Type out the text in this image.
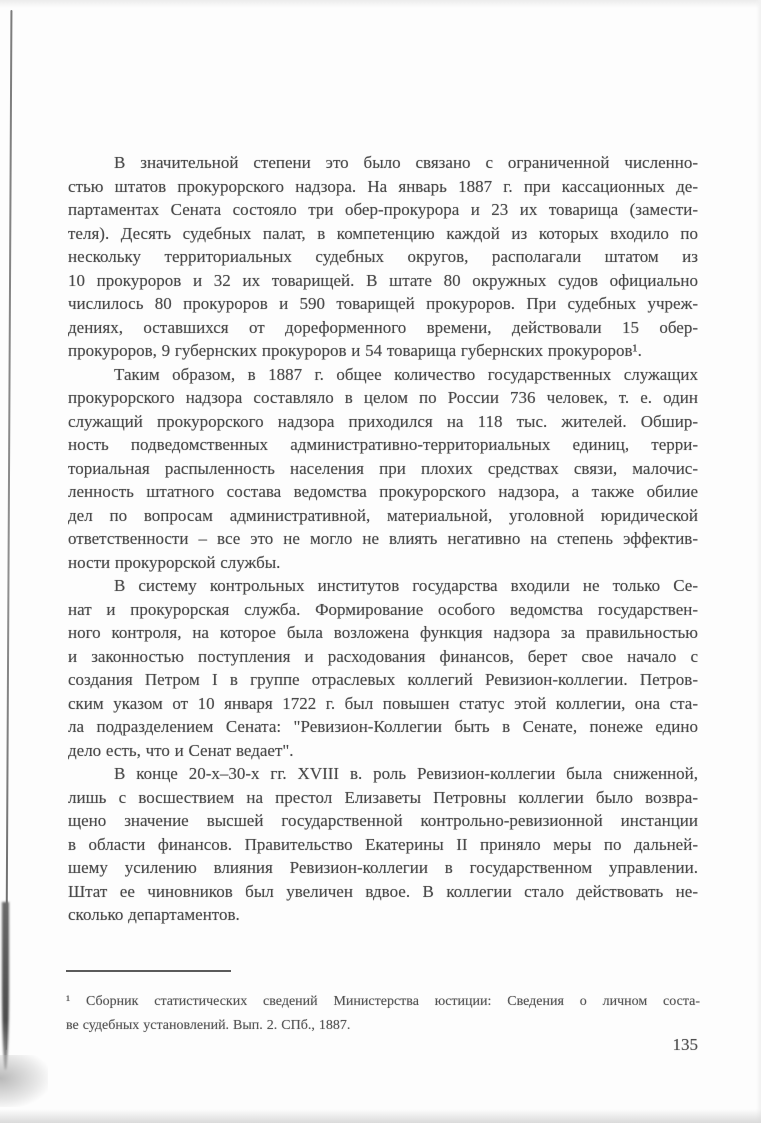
В значительной степени это было связано с ограниченной численно-
стью штатов прокурорского надзора. На январь 1887 г. при кассационных де-
партаментах Сената состояло три обер-прокурора и 23 их товарища (замести-
теля). Десять судебных палат, в компетенцию каждой из которых входило по
нескольку территориальных судебных округов, располагали штатом из
10 прокуроров и 32 их товарищей. В штате 80 окружных судов официально
числилось 80 прокуроров и 590 товарищей прокуроров. При судебных учреж-
дениях, оставшихся от дореформенного времени, действовали 15 обер-
прокуроров, 9 губернских прокуроров и 54 товарища губернских прокуроров¹.
Таким образом, в 1887 г. общее количество государственных служащих
прокурорского надзора составляло в целом по России 736 человек, т. е. один
служащий прокурорского надзора приходился на 118 тыс. жителей. Обшир-
ность подведомственных административно-территориальных единиц, терри-
ториальная распыленность населения при плохих средствах связи, малочис-
ленность штатного состава ведомства прокурорского надзора, а также обилие
дел по вопросам административной, материальной, уголовной юридической
ответственности – все это не могло не влиять негативно на степень эффектив-
ности прокурорской службы.
В систему контрольных институтов государства входили не только Се-
нат и прокурорская служба. Формирование особого ведомства государствен-
ного контроля, на которое была возложена функция надзора за правильностью
и законностью поступления и расходования финансов, берет свое начало с
создания Петром I в группе отраслевых коллегий Ревизион-коллегии. Петров-
ским указом от 10 января 1722 г. был повышен статус этой коллегии, она ста-
ла подразделением Сената: "Ревизион-Коллегии быть в Сенате, понеже едино
дело есть, что и Сенат ведает".
В конце 20-х–30-х гг. XVIII в. роль Ревизион-коллегии была сниженной,
лишь с восшествием на престол Елизаветы Петровны коллегии было возвра-
щено значение высшей государственной контрольно-ревизионной инстанции
в области финансов. Правительство Екатерины II приняло меры по дальней-
шему усилению влияния Ревизион-коллегии в государственном управлении.
Штат ее чиновников был увеличен вдвое. В коллегии стало действовать не-
сколько департаментов.
¹ Сборник статистических сведений Министерства юстиции: Сведения о личном соста-
ве судебных установлений. Вып. 2. СПб., 1887.
135
